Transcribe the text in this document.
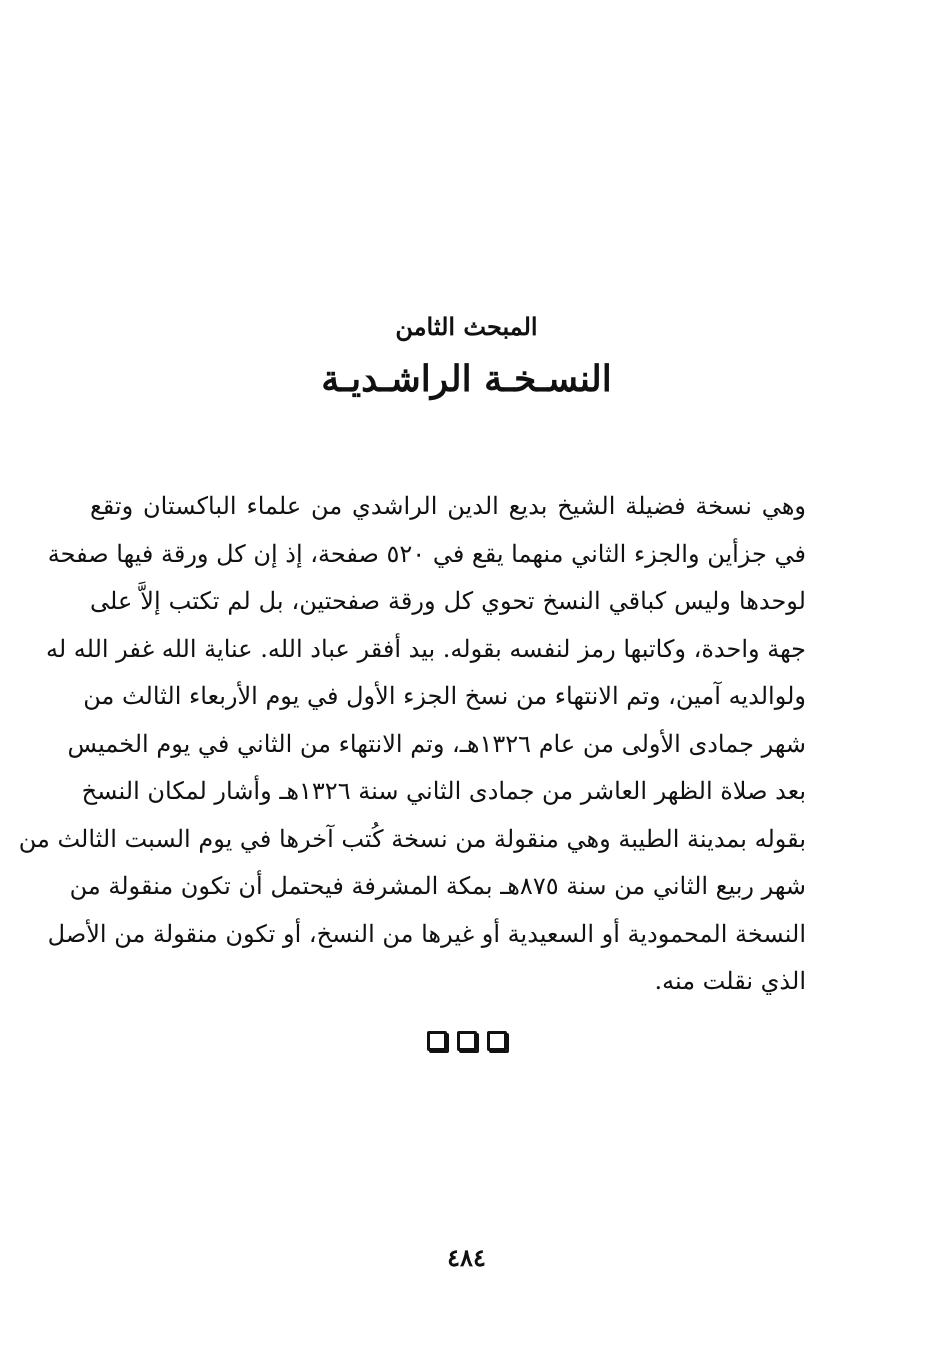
المبحث الثامن
النسـخـة الراشـديـة
وهي نسخة فضيلة الشيخ بديع الدين الراشدي من علماء الباكستان وتقع
في جزأين والجزء الثاني منهما يقع في ٥٢٠ صفحة، إذ إن كل ورقة فيها صفحة
لوحدها وليس كباقي النسخ تحوي كل ورقة صفحتين، بل لم تكتب إلاَّ على
جهة واحدة، وكاتبها رمز لنفسه بقوله. بيد أفقر عباد الله. عناية الله غفر الله له
ولوالديه آمين، وتم الانتهاء من نسخ الجزء الأول في يوم الأربعاء الثالث من
شهر جمادى الأولى من عام ١٣٢٦هـ، وتم الانتهاء من الثاني في يوم الخميس
بعد صلاة الظهر العاشر من جمادى الثاني سنة ١٣٢٦هـ وأشار لمكان النسخ
بقوله بمدينة الطيبة وهي منقولة من نسخة كُتب آخرها في يوم السبت الثالث من
شهر ربيع الثاني من سنة ٨٧٥هـ بمكة المشرفة فيحتمل أن تكون منقولة من
النسخة المحمودية أو السعيدية أو غيرها من النسخ، أو تكون منقولة من الأصل
الذي نقلت منه.
٤٨٤
